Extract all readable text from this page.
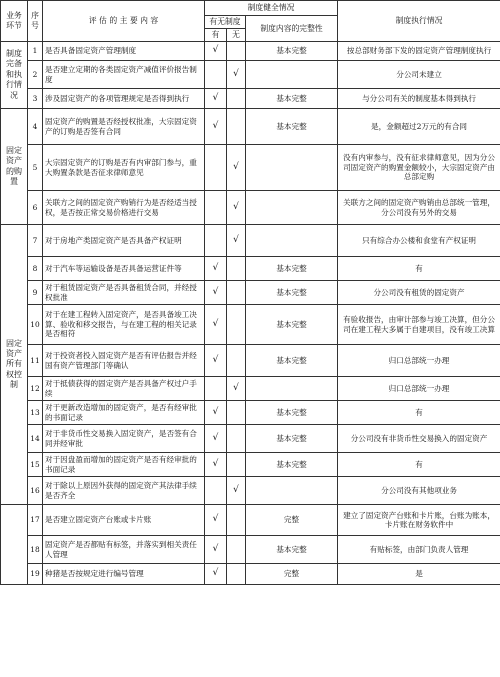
业务环节	序号	评 估 的 主 要 内 容	制度健全情况			制度执行情况
			有无制度		制度内容的完整性	
			有	无		
制度完备和执行情况	1	是否具备固定资产管理制度	√		基本完整	按总部财务部下发的固定资产管理制度执行
	2	是否建立定期的各类固定资产减值评价报告制度		√		分公司未建立
	3	涉及固定资产的各项管理规定是否得到执行	√		基本完整	与分公司有关的制度基本得到执行
固定资产的购置	4	固定资产的购置是否经授权批准，大宗固定资产的订购是否签有合同	√		基本完整	是，金额超过2万元的有合同
	5	大宗固定资产的订购是否有内审部门参与，重大购置条款是否征求律师意见		√		没有内审参与，没有征求律师意见，因为分公司固定资产的购置金额较小，大宗固定资产由总部定购
	6	关联方之间的固定资产购销行为是否经适当授权，是否按正常交易价格进行交易		√		关联方之间的固定资产购销由总部统一管理，分公司没有另外的交易
固定资产所有权控制	7	对于房地产类固定资产是否具备产权证明		√		只有综合办公楼和食堂有产权证明
	8	对于汽车等运输设备是否具备运营证件等	√		基本完整	有
	9	对于租赁固定资产是否具备租赁合同，并经授权批准	√		基本完整	分公司没有租赁的固定资产
	10	对于在建工程转入固定资产，是否具备竣工决算、验收和移交报告，与在建工程的相关记录是否相符	√		基本完整	有验收报告，由审计部参与竣工决算，但分公司在建工程大多属于自建项目，没有竣工决算
	11	对于投资者投入固定资产是否有评估报告并经国有资产管理部门等确认	√		基本完整	归口总部统一办理
	12	对于抵债获得的固定资产是否具备产权过户手续		√		归口总部统一办理
	13	对于更新改造增加的固定资产，是否有经审批的书面记录	√		基本完整	有
	14	对于非货币性交易换入固定资产，是否签有合同并经审批	√		基本完整	分公司没有非货币性交易换入的固定资产
	15	对于因盘盈而增加的固定资产是否有经审批的书面记录	√		基本完整	有
	16	对于除以上原因外获得的固定资产其法律手续是否齐全		√		分公司没有其他项业务
	17	是否建立固定资产台账或卡片账	√		完整	建立了固定资产台账和卡片账，台账为账本，卡片账在财务软件中
	18	固定资产是否都贴有标签，并落实到相关责任人管理	√		基本完整	有贴标签，由部门负责人管理
	19	种猪是否按规定进行编号管理	√		完整	是
